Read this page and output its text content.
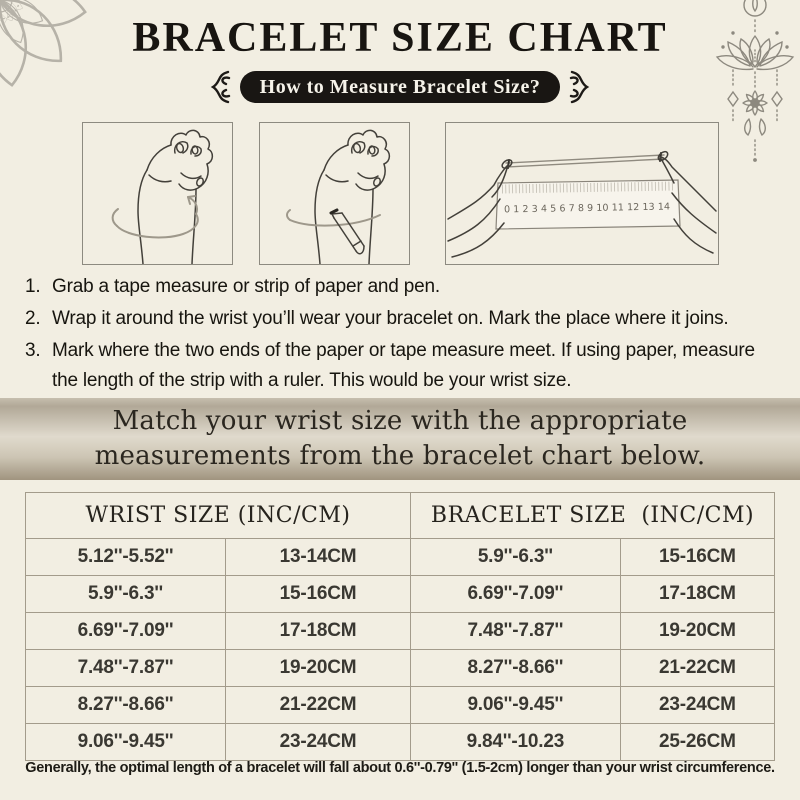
BRACELET SIZE CHART
How to Measure Bracelet Size?
0 1 2 3 4 5 6 7 8 9 10 11 12 13 14
1. Grab a tape measure or strip of paper and pen.

2. Wrap it around the wrist you’ll wear your bracelet on. Mark the place where it joins.

3. Mark where the two ends of the paper or tape measure meet. If using paper, measure the length of the strip with a ruler. This would be your wrist size.

Match your wrist size with the appropriate measurements from the bracelet chart below.

WRIST SIZE (INC/CM)		BRACELET SIZE  (INC/CM)	
5.12''-5.52''	13-14CM	5.9''-6.3''	15-16CM
5.9''-6.3''	15-16CM	6.69''-7.09''	17-18CM
6.69''-7.09''	17-18CM	7.48''-7.87''	19-20CM
7.48''-7.87''	19-20CM	8.27''-8.66''	21-22CM
8.27''-8.66''	21-22CM	9.06''-9.45''	23-24CM
9.06''-9.45''	23-24CM	9.84''-10.23	25-26CM

Generally, the optimal length of a bracelet will fall about 0.6''-0.79'' (1.5-2cm) longer than your wrist circumference.
